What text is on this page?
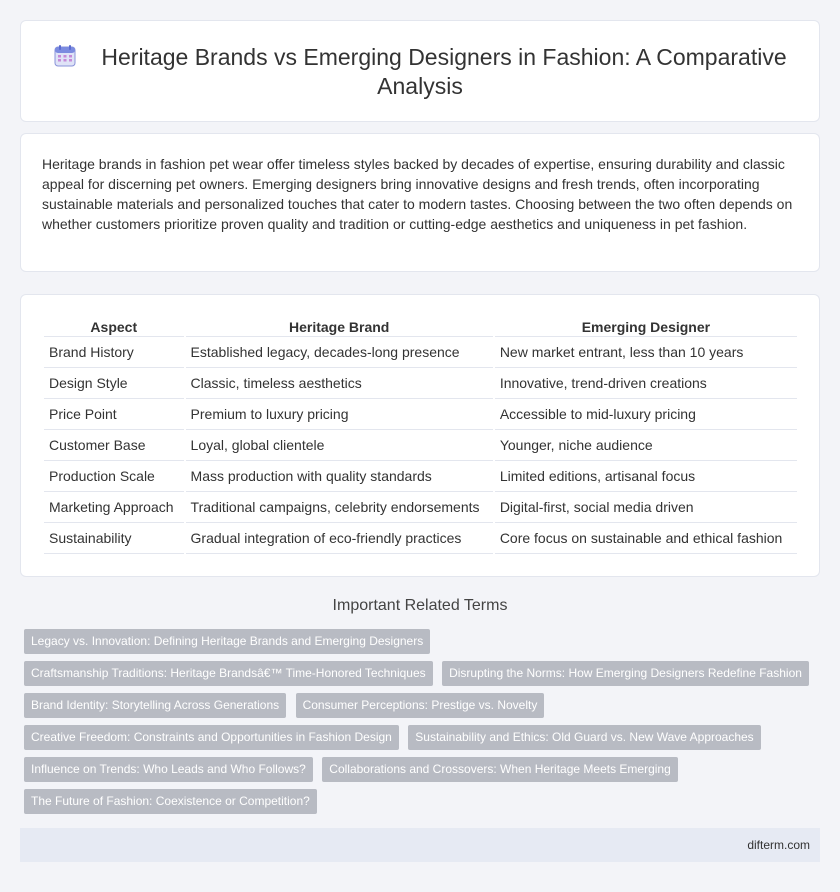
Heritage Brands vs Emerging Designers in Fashion: A Comparative Analysis

Heritage brands in fashion pet wear offer timeless styles backed by decades of expertise, ensuring durability and classic appeal for discerning pet owners. Emerging designers bring innovative designs and fresh trends, often incorporating sustainable materials and personalized touches that cater to modern tastes. Choosing between the two often depends on whether customers prioritize proven quality and tradition or cutting-edge aesthetics and uniqueness in pet fashion.

Aspect	Heritage Brand	Emerging Designer
Brand History	Established legacy, decades-long presence	New market entrant, less than 10 years
Design Style	Classic, timeless aesthetics	Innovative, trend-driven creations
Price Point	Premium to luxury pricing	Accessible to mid-luxury pricing
Customer Base	Loyal, global clientele	Younger, niche audience
Production Scale	Mass production with quality standards	Limited editions, artisanal focus
Marketing Approach	Traditional campaigns, celebrity endorsements	Digital-first, social media driven
Sustainability	Gradual integration of eco-friendly practices	Core focus on sustainable and ethical fashion
Important Related Terms
Legacy vs. Innovation: Defining Heritage Brands and Emerging Designers
Craftsmanship Traditions: Heritage Brandsâ€™ Time-Honored Techniques Disrupting the Norms: How Emerging Designers Redefine Fashion
Brand Identity: Storytelling Across Generations Consumer Perceptions: Prestige vs. Novelty
Creative Freedom: Constraints and Opportunities in Fashion Design Sustainability and Ethics: Old Guard vs. New Wave Approaches
Influence on Trends: Who Leads and Who Follows? Collaborations and Crossovers: When Heritage Meets Emerging
The Future of Fashion: Coexistence or Competition?
difterm.com
